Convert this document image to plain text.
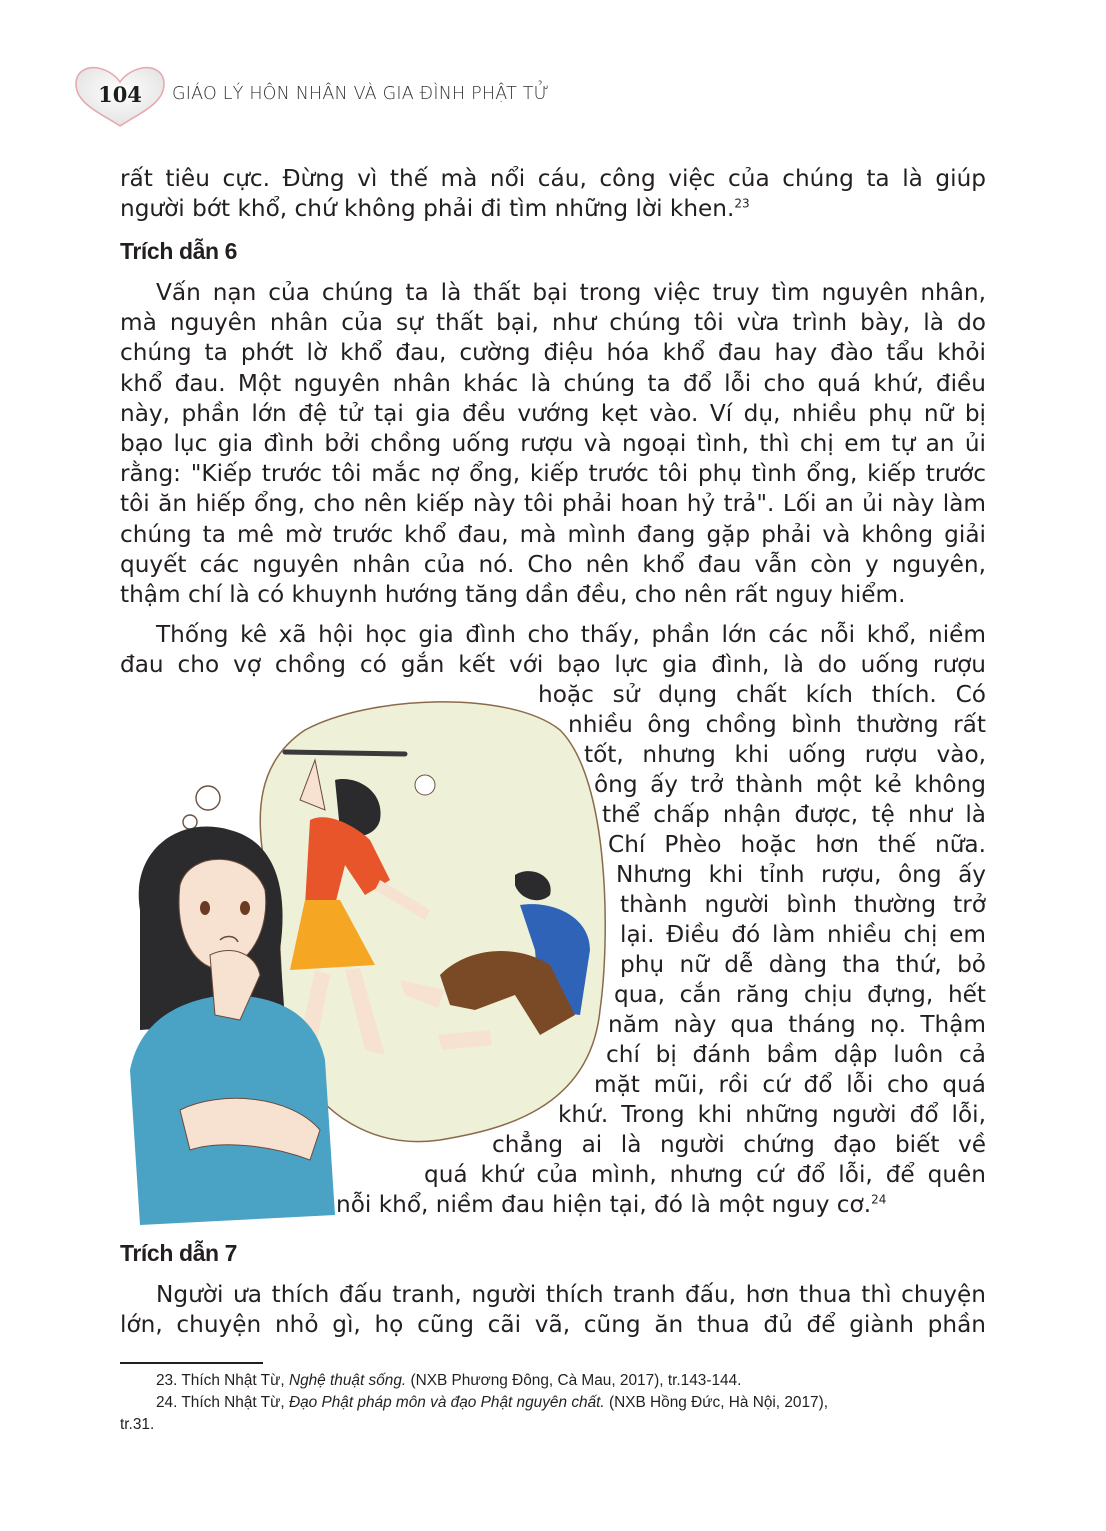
104	GIÁO LÝ HÔN NHÂN VÀ GIA ĐÌNH PHẬT TỬ
rất tiêu cực. Đừng vì thế mà nổi cáu, công việc của chúng ta là giúp
người bớt khổ, chứ không phải đi tìm những lời khen.$^{23}$
Trích dẫn 6
Vấn nạn của chúng ta là thất bại trong việc truy tìm nguyên nhân,
mà nguyên nhân của sự thất bại, như chúng tôi vừa trình bày, là do
chúng ta phớt lờ khổ đau, cường điệu hóa khổ đau hay đào tẩu khỏi
khổ đau. Một nguyên nhân khác là chúng ta đổ lỗi cho quá khứ, điều
này, phần lớn đệ tử tại gia đều vướng kẹt vào. Ví dụ, nhiều phụ nữ bị
bạo lục gia đình bởi chồng uống rượu và ngoại tình, thì chị em tự an ủi
rằng: "Kiếp trước tôi mắc nợ ổng, kiếp trước tôi phụ tình ổng, kiếp trước
tôi ăn hiếp ổng, cho nên kiếp này tôi phải hoan hỷ trả". Lối an ủi này làm
chúng ta mê mờ trước khổ đau, mà mình đang gặp phải và không giải
quyết các nguyên nhân của nó. Cho nên khổ đau vẫn còn y nguyên,
thậm chí là có khuynh hướng tăng dần đều, cho nên rất nguy hiểm.
Thống kê xã hội học gia đình cho thấy, phần lớn các nỗi khổ, niềm
đau cho vợ chồng có gắn kết với bạo lực gia đình, là do uống rượu
hoặc sử dụng chất kích thích. Có
nhiều ông chồng bình thường rất
tốt, nhưng khi uống rượu vào,
ông ấy trở thành một kẻ không
thể chấp nhận được, tệ như là
Chí Phèo hoặc hơn thế nữa.
Nhưng khi tỉnh rượu, ông ấy
thành người bình thường trở
lại. Điều đó làm nhiều chị em
phụ nữ dễ dàng tha thứ, bỏ
qua, cắn răng chịu đựng, hết
năm này qua tháng nọ. Thậm
chí bị đánh bầm dập luôn cả
mặt mũi, rồi cứ đổ lỗi cho quá
khứ. Trong khi những người đổ lỗi,
chẳng ai là người chứng đạo biết về
quá khứ của mình, nhưng cứ đổ lỗi, để quên
nỗi khổ, niềm đau hiện tại, đó là một nguy cơ.$^{24}$
Trích dẫn 7
Người ưa thích đấu tranh, người thích tranh đấu, hơn thua thì chuyện
lớn, chuyện nhỏ gì, họ cũng cãi vã, cũng ăn thua đủ để giành phần
23. Thích Nhật Từ, Nghệ thuật sống. (NXB Phương Đông, Cà Mau, 2017), tr.143-144.
24. Thích Nhật Từ, Đạo Phật pháp môn và đạo Phật nguyên chất. (NXB Hồng Đức, Hà Nội, 2017),
tr.31.
